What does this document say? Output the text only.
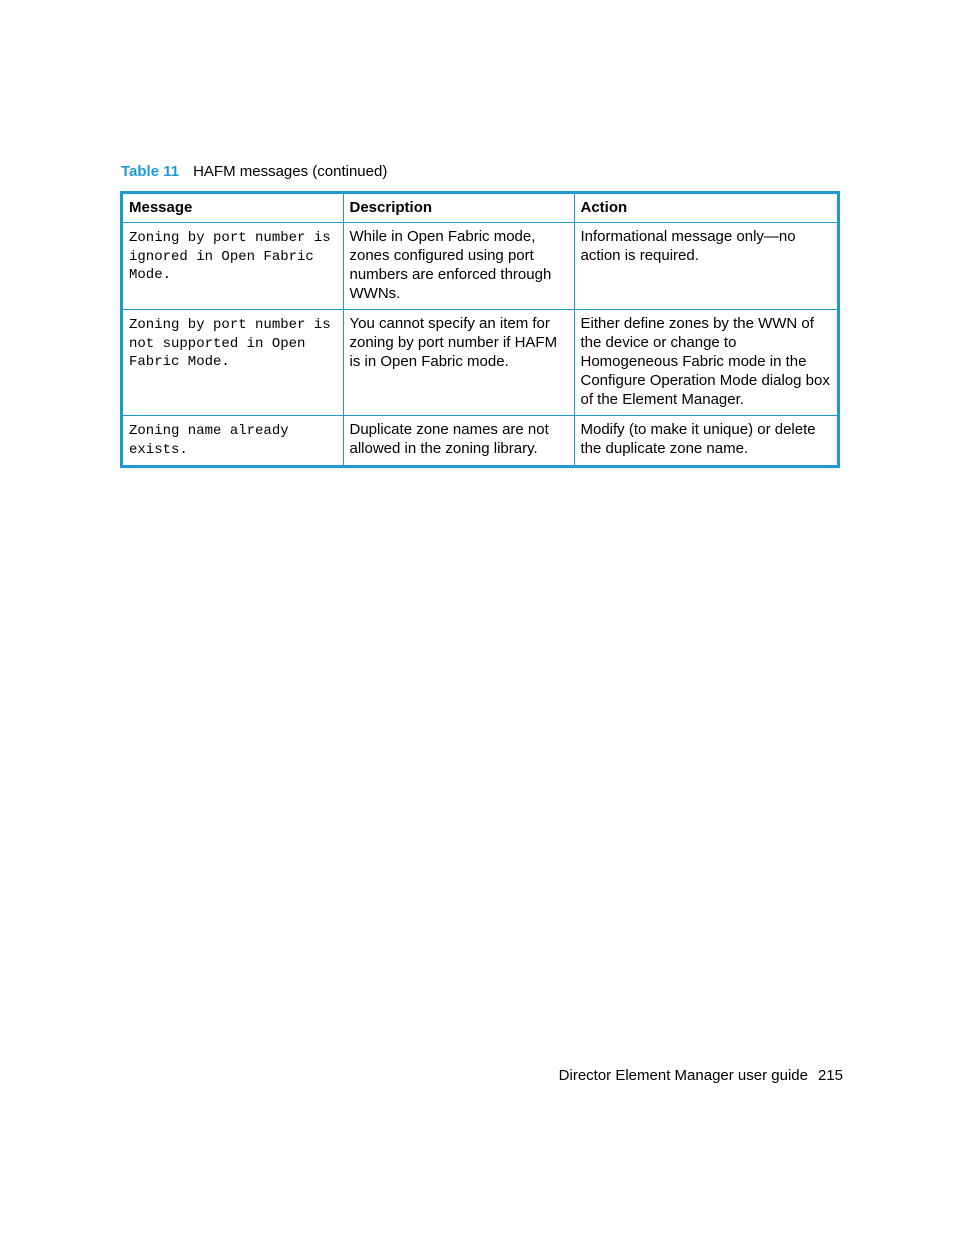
Table 11 HAFM messages (continued)
Message	Description	Action
Zoning by port number is ignored in Open Fabric Mode.	While in Open Fabric mode, zones configured using port numbers are enforced through WWNs.	Informational message only—no action is required.
Zoning by port number is not supported in Open Fabric Mode.	You cannot specify an item for zoning by port number if HAFM is in Open Fabric mode.	Either define zones by the WWN of the device or change to Homogeneous Fabric mode in the Configure Operation Mode dialog box of the Element Manager.
Zoning name already exists.	Duplicate zone names are not allowed in the zoning library.	Modify (to make it unique) or delete the duplicate zone name.
Director Element Manager user guide 215
